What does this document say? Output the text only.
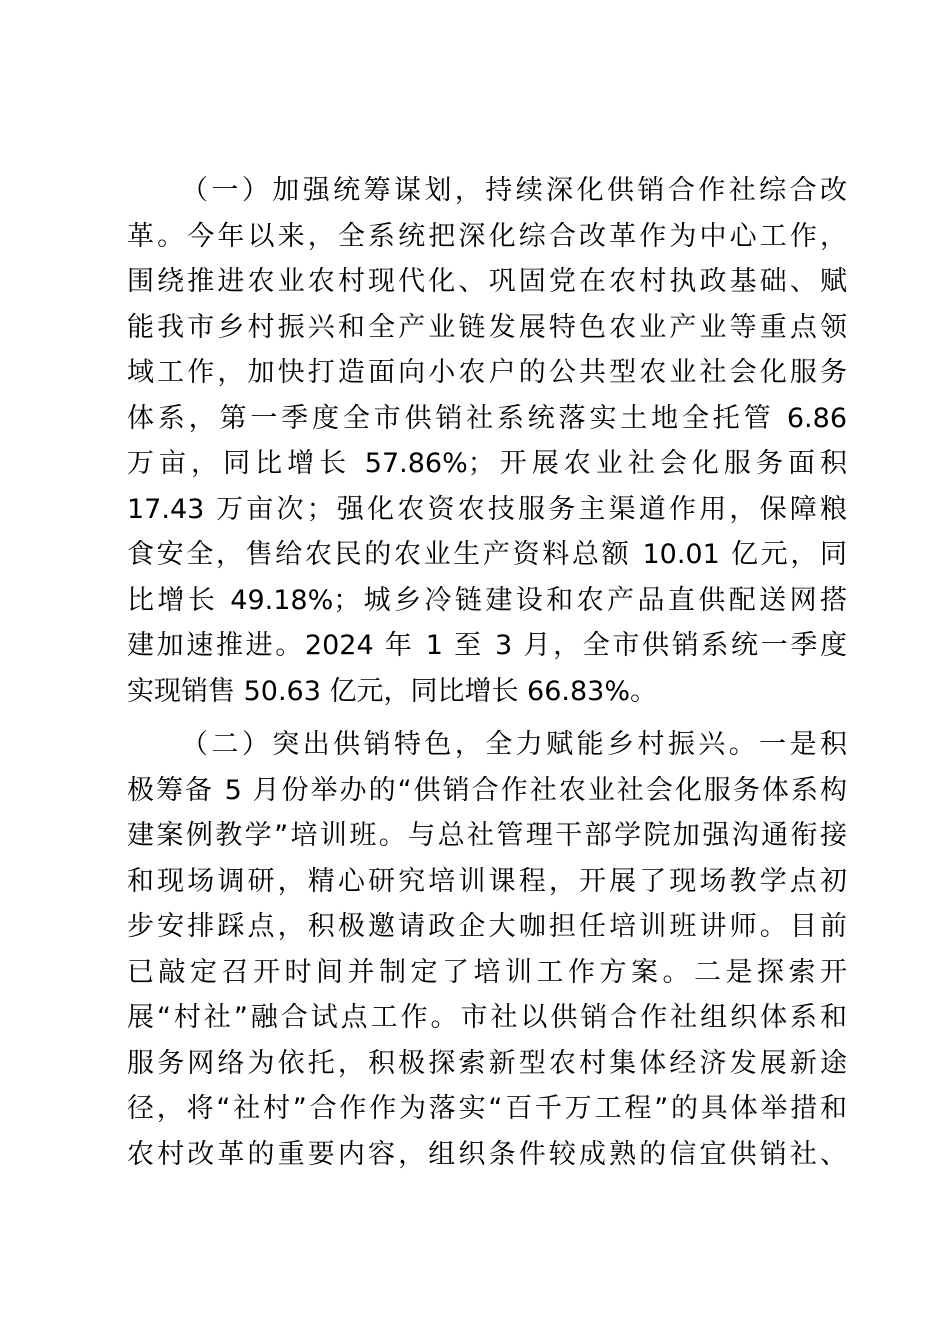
（一）加强统筹谋划，持续深化供销合作社综合改
革。今年以来，全系统把深化综合改革作为中心工作，
围绕推进农业农村现代化、巩固党在农村执政基础、赋
能我市乡村振兴和全产业链发展特色农业产业等重点领
域工作，加快打造面向小农户的公共型农业社会化服务
体系，第一季度全市供销社系统落实土地全托管 6.86
万亩，同比增长 57.86%；开展农业社会化服务面积
17.43 万亩次；强化农资农技服务主渠道作用，保障粮
食安全，售给农民的农业生产资料总额 10.01 亿元，同
比增长 49.18%；城乡冷链建设和农产品直供配送网搭
建加速推进。2024 年 1 至 3 月，全市供销系统一季度
实现销售 50.63 亿元，同比增长 66.83%。
（二）突出供销特色，全力赋能乡村振兴。一是积
极筹备 5 月份举办的“供销合作社农业社会化服务体系构
建案例教学”培训班。与总社管理干部学院加强沟通衔接
和现场调研，精心研究培训课程，开展了现场教学点初
步安排踩点，积极邀请政企大咖担任培训班讲师。目前
已敲定召开时间并制定了培训工作方案。二是探索开
展“村社”融合试点工作。市社以供销合作社组织体系和
服务网络为依托，积极探索新型农村集体经济发展新途
径，将“社村”合作作为落实“百千万工程”的具体举措和
农村改革的重要内容，组织条件较成熟的信宜供销社、
